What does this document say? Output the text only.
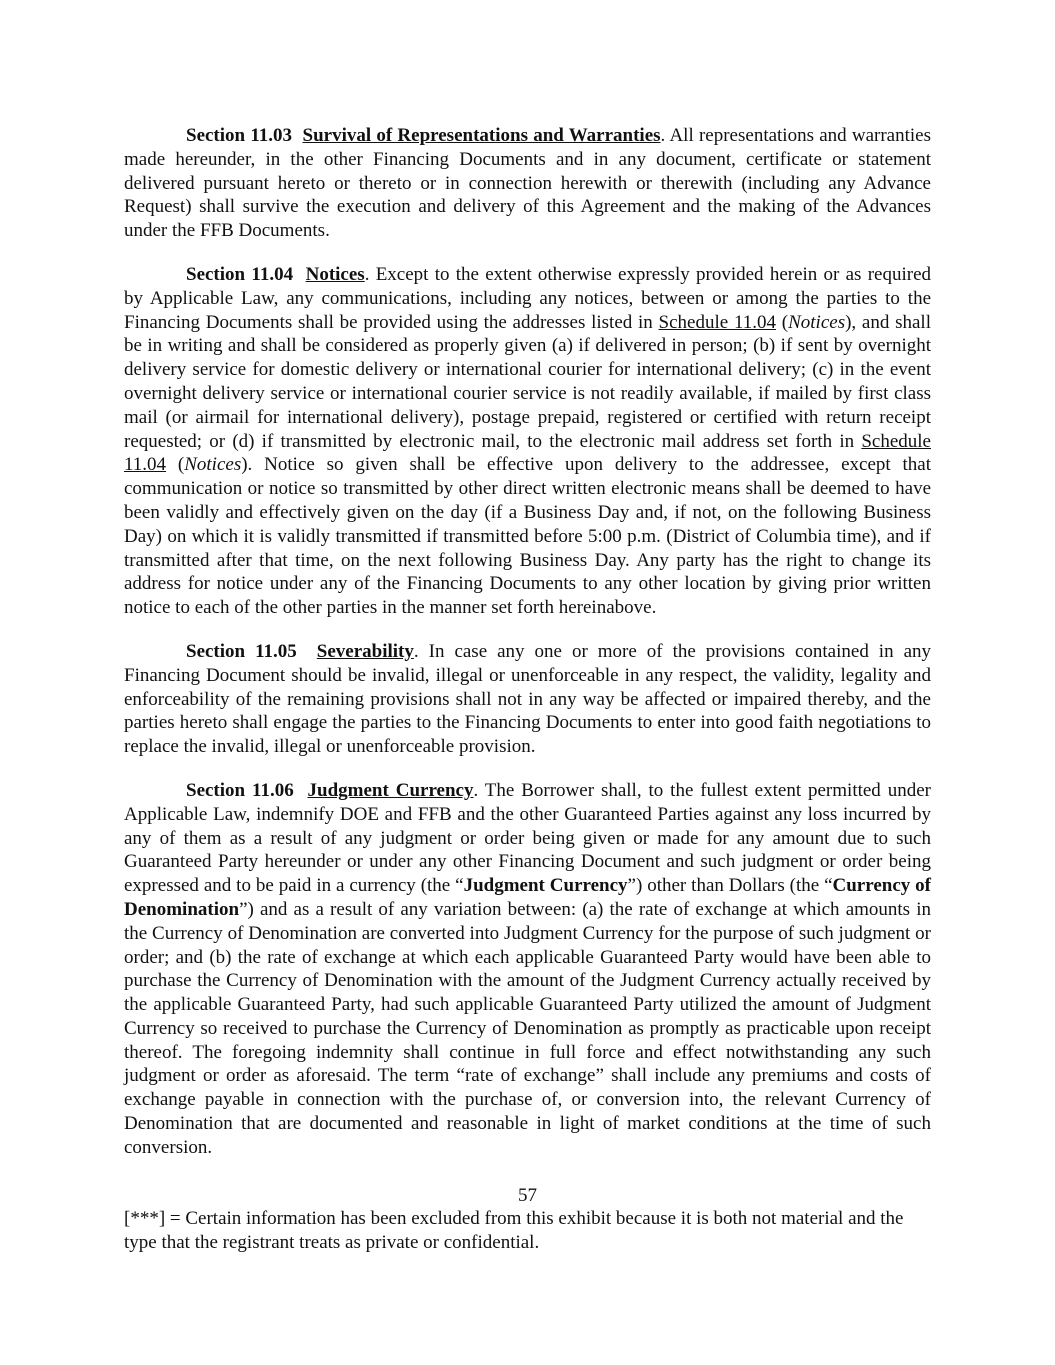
Section 11.03 Survival of Representations and Warranties. All representations and warranties made hereunder, in the other Financing Documents and in any document, certificate or statement delivered pursuant hereto or thereto or in connection herewith or therewith (including any Advance Request) shall survive the execution and delivery of this Agreement and the making of the Advances under the FFB Documents.

Section 11.04 Notices. Except to the extent otherwise expressly provided herein or as required by Applicable Law, any communications, including any notices, between or among the parties to the Financing Documents shall be provided using the addresses listed in Schedule 11.04 (Notices), and shall be in writing and shall be considered as properly given (a) if delivered in person; (b) if sent by overnight delivery service for domestic delivery or international courier for international delivery; (c) in the event overnight delivery service or international courier service is not readily available, if mailed by first class mail (or airmail for international delivery), postage prepaid, registered or certified with return receipt requested; or (d) if transmitted by electronic mail, to the electronic mail address set forth in Schedule 11.04 (Notices). Notice so given shall be effective upon delivery to the addressee, except that communication or notice so transmitted by other direct written electronic means shall be deemed to have been validly and effectively given on the day (if a Business Day and, if not, on the following Business Day) on which it is validly transmitted if transmitted before 5:00 p.m. (District of Columbia time), and if transmitted after that time, on the next following Business Day. Any party has the right to change its address for notice under any of the Financing Documents to any other location by giving prior written notice to each of the other parties in the manner set forth hereinabove.

Section 11.05 Severability. In case any one or more of the provisions contained in any Financing Document should be invalid, illegal or unenforceable in any respect, the validity, legality and enforceability of the remaining provisions shall not in any way be affected or impaired thereby, and the parties hereto shall engage the parties to the Financing Documents to enter into good faith negotiations to replace the invalid, illegal or unenforceable provision.

Section 11.06 Judgment Currency. The Borrower shall, to the fullest extent permitted under Applicable Law, indemnify DOE and FFB and the other Guaranteed Parties against any loss incurred by any of them as a result of any judgment or order being given or made for any amount due to such Guaranteed Party hereunder or under any other Financing Document and such judgment or order being expressed and to be paid in a currency (the “Judgment Currency”) other than Dollars (the “Currency of Denomination”) and as a result of any variation between: (a) the rate of exchange at which amounts in the Currency of Denomination are converted into Judgment Currency for the purpose of such judgment or order; and (b) the rate of exchange at which each applicable Guaranteed Party would have been able to purchase the Currency of Denomination with the amount of the Judgment Currency actually received by the applicable Guaranteed Party, had such applicable Guaranteed Party utilized the amount of Judgment Currency so received to purchase the Currency of Denomination as promptly as practicable upon receipt thereof. The foregoing indemnity shall continue in full force and effect notwithstanding any such judgment or order as aforesaid. The term “rate of exchange” shall include any premiums and costs of exchange payable in connection with the purchase of, or conversion into, the relevant Currency of Denomination that are documented and reasonable in light of market conditions at the time of such conversion.

57

[***] = Certain information has been excluded from this exhibit because it is both not material and the type that the registrant treats as private or confidential.
